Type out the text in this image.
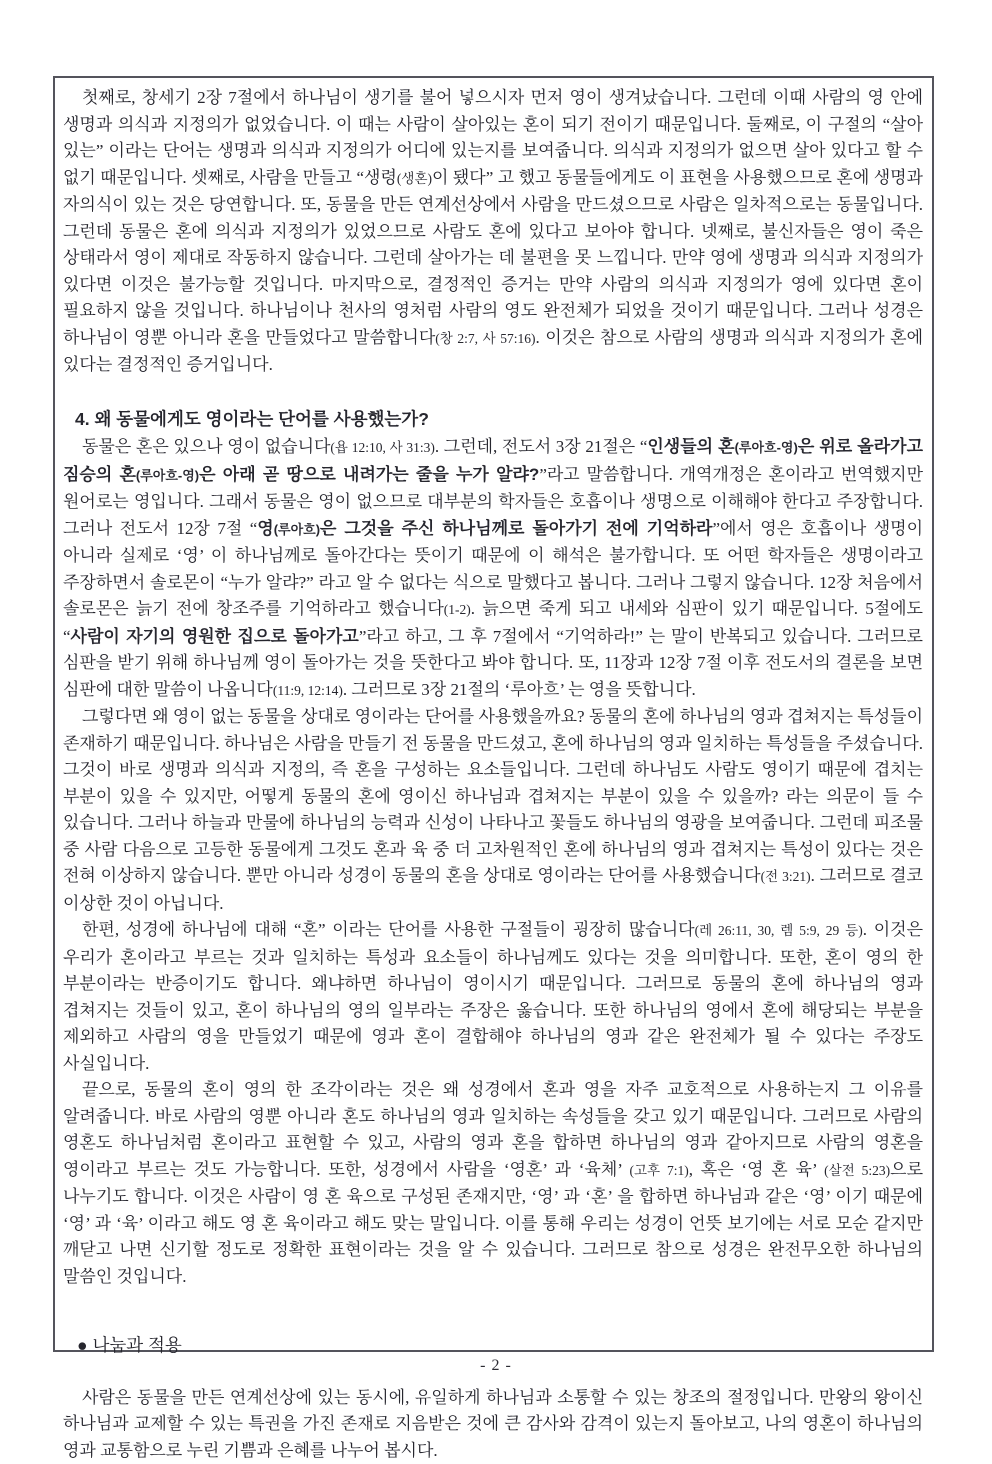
첫째로, 창세기 2장 7절에서 하나님이 생기를 불어 넣으시자 먼저 영이 생겨났습니다. 그런데 이때 사람의 영 안에 생명과 의식과 지정의가 없었습니다. 이 때는 사람이 살아있는 혼이 되기 전이기 때문입니다. 둘째로, 이 구절의 “살아 있는” 이라는 단어는 생명과 의식과 지정의가 어디에 있는지를 보여줍니다. 의식과 지정의가 없으면 살아 있다고 할 수 없기 때문입니다. 셋째로, 사람을 만들고 “생령(생혼)이 됐다” 고 했고 동물들에게도 이 표현을 사용했으므로 혼에 생명과 자의식이 있는 것은 당연합니다. 또, 동물을 만든 연계선상에서 사람을 만드셨으므로 사람은 일차적으로는 동물입니다. 그런데 동물은 혼에 의식과 지정의가 있었으므로 사람도 혼에 있다고 보아야 합니다. 넷째로, 불신자들은 영이 죽은 상태라서 영이 제대로 작동하지 않습니다. 그런데 살아가는 데 불편을 못 느낍니다. 만약 영에 생명과 의식과 지정의가 있다면 이것은 불가능할 것입니다. 마지막으로, 결정적인 증거는 만약 사람의 의식과 지정의가 영에 있다면 혼이 필요하지 않을 것입니다. 하나님이나 천사의 영처럼 사람의 영도 완전체가 되었을 것이기 때문입니다. 그러나 성경은 하나님이 영뿐 아니라 혼을 만들었다고 말씀합니다(창 2:7, 사 57:16). 이것은 참으로 사람의 생명과 의식과 지정의가 혼에 있다는 결정적인 증거입니다.
4. 왜 동물에게도 영이라는 단어를 사용했는가?
동물은 혼은 있으나 영이 없습니다(욥 12:10, 사 31:3). 그런데, 전도서 3장 21절은 “인생들의 혼(루아흐-영)은 위로 올라가고 짐승의 혼(루아흐-영)은 아래 곧 땅으로 내려가는 줄을 누가 알랴?”라고 말씀합니다. 개역개정은 혼이라고 번역했지만 원어로는 영입니다. 그래서 동물은 영이 없으므로 대부분의 학자들은 호흡이나 생명으로 이해해야 한다고 주장합니다. 그러나 전도서 12장 7절 “영(루아흐)은 그것을 주신 하나님께로 돌아가기 전에 기억하라”에서 영은 호흡이나 생명이 아니라 실제로 ‘영’ 이 하나님께로 돌아간다는 뜻이기 때문에 이 해석은 불가합니다. 또 어떤 학자들은 생명이라고 주장하면서 솔로몬이 “누가 알랴?” 라고 알 수 없다는 식으로 말했다고 봅니다. 그러나 그렇지 않습니다. 12장 처음에서 솔로몬은 늙기 전에 창조주를 기억하라고 했습니다(1-2). 늙으면 죽게 되고 내세와 심판이 있기 때문입니다. 5절에도 “사람이 자기의 영원한 집으로 돌아가고”라고 하고, 그 후 7절에서 “기억하라!” 는 말이 반복되고 있습니다. 그러므로 심판을 받기 위해 하나님께 영이 돌아가는 것을 뜻한다고 봐야 합니다. 또, 11장과 12장 7절 이후 전도서의 결론을 보면 심판에 대한 말씀이 나옵니다(11:9, 12:14). 그러므로 3장 21절의 ‘루아흐’ 는 영을 뜻합니다.
그렇다면 왜 영이 없는 동물을 상대로 영이라는 단어를 사용했을까요? 동물의 혼에 하나님의 영과 겹쳐지는 특성들이 존재하기 때문입니다. 하나님은 사람을 만들기 전 동물을 만드셨고, 혼에 하나님의 영과 일치하는 특성들을 주셨습니다. 그것이 바로 생명과 의식과 지정의, 즉 혼을 구성하는 요소들입니다. 그런데 하나님도 사람도 영이기 때문에 겹치는 부분이 있을 수 있지만, 어떻게 동물의 혼에 영이신 하나님과 겹쳐지는 부분이 있을 수 있을까? 라는 의문이 들 수 있습니다. 그러나 하늘과 만물에 하나님의 능력과 신성이 나타나고 꽃들도 하나님의 영광을 보여줍니다. 그런데 피조물 중 사람 다음으로 고등한 동물에게 그것도 혼과 육 중 더 고차원적인 혼에 하나님의 영과 겹쳐지는 특성이 있다는 것은 전혀 이상하지 않습니다. 뿐만 아니라 성경이 동물의 혼을 상대로 영이라는 단어를 사용했습니다(전 3:21). 그러므로 결코 이상한 것이 아닙니다.
한편, 성경에 하나님에 대해 “혼” 이라는 단어를 사용한 구절들이 굉장히 많습니다(레 26:11, 30, 렘 5:9, 29 등). 이것은 우리가 혼이라고 부르는 것과 일치하는 특성과 요소들이 하나님께도 있다는 것을 의미합니다. 또한, 혼이 영의 한 부분이라는 반증이기도 합니다. 왜냐하면 하나님이 영이시기 때문입니다. 그러므로 동물의 혼에 하나님의 영과 겹쳐지는 것들이 있고, 혼이 하나님의 영의 일부라는 주장은 옳습니다. 또한 하나님의 영에서 혼에 해당되는 부분을 제외하고 사람의 영을 만들었기 때문에 영과 혼이 결합해야 하나님의 영과 같은 완전체가 될 수 있다는 주장도 사실입니다.
끝으로, 동물의 혼이 영의 한 조각이라는 것은 왜 성경에서 혼과 영을 자주 교호적으로 사용하는지 그 이유를 알려줍니다. 바로 사람의 영뿐 아니라 혼도 하나님의 영과 일치하는 속성들을 갖고 있기 때문입니다. 그러므로 사람의 영혼도 하나님처럼 혼이라고 표현할 수 있고, 사람의 영과 혼을 합하면 하나님의 영과 같아지므로 사람의 영혼을 영이라고 부르는 것도 가능합니다. 또한, 성경에서 사람을 ‘영혼’ 과 ‘육체’ (고후 7:1), 혹은 ‘영 혼 육’ (살전 5:23)으로 나누기도 합니다. 이것은 사람이 영 혼 육으로 구성된 존재지만, ‘영’ 과 ‘혼’ 을 합하면 하나님과 같은 ‘영’ 이기 때문에 ‘영’ 과 ‘육’ 이라고 해도 영 혼 육이라고 해도 맞는 말입니다. 이를 통해 우리는 성경이 언뜻 보기에는 서로 모순 같지만 깨닫고 나면 신기할 정도로 정확한 표현이라는 것을 알 수 있습니다. 그러므로 참으로 성경은 완전무오한 하나님의 말씀인 것입니다.
● 나눔과 적용
사람은 동물을 만든 연계선상에 있는 동시에, 유일하게 하나님과 소통할 수 있는 창조의 절정입니다. 만왕의 왕이신 하나님과 교제할 수 있는 특권을 가진 존재로 지음받은 것에 큰 감사와 감격이 있는지 돌아보고, 나의 영혼이 하나님의 영과 교통함으로 누린 기쁨과 은혜를 나누어 봅시다.
- 2 -
